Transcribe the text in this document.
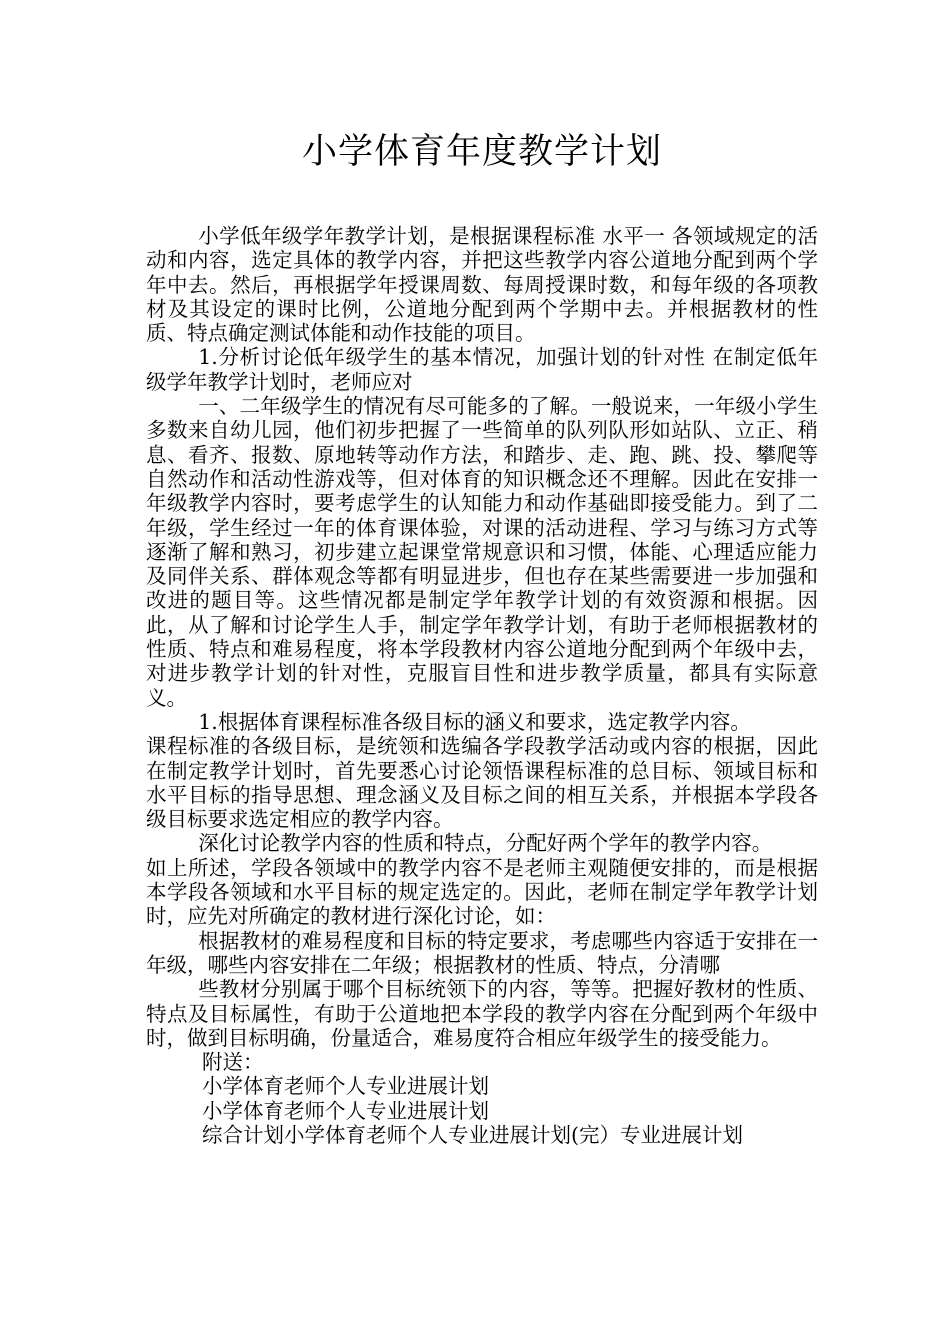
小学体育年度教学计划

小学低年级学年教学计划，是根据课程标准 水平一 各领域规定的活动和内容，选定具体的教学内容，并把这些教学内容公道地分配到两个学年中去。然后，再根据学年授课周数、每周授课时数，和每年级的各项教材及其设定的课时比例，公道地分配到两个学期中去。并根据教材的性质、特点确定测试体能和动作技能的项目。

1.分析讨论低年级学生的基本情况，加强计划的针对性 在制定低年级学年教学计划时，老师应对

一、二年级学生的情况有尽可能多的了解。一般说来，一年级小学生多数来自幼儿园，他们初步把握了一些简单的队列队形如站队、立正、稍息、看齐、报数、原地转等动作方法，和踏步、走、跑、跳、投、攀爬等自然动作和活动性游戏等，但对体育的知识概念还不理解。因此在安排一年级教学内容时，要考虑学生的认知能力和动作基础即接受能力。到了二年级，学生经过一年的体育课体验，对课的活动进程、学习与练习方式等逐渐了解和熟习，初步建立起课堂常规意识和习惯，体能、心理适应能力及同伴关系、群体观念等都有明显进步，但也存在某些需要进一步加强和改进的题目等。这些情况都是制定学年教学计划的有效资源和根据。因此，从了解和讨论学生人手，制定学年教学计划，有助于老师根据教材的性质、特点和难易程度，将本学段教材内容公道地分配到两个年级中去，对进步教学计划的针对性，克服盲目性和进步教学质量，都具有实际意义。

1.根据体育课程标准各级目标的涵义和要求，选定教学内容。

课程标准的各级目标，是统领和选编各学段教学活动或内容的根据，因此在制定教学计划时，首先要悉心讨论领悟课程标准的总目标、领域目标和水平目标的指导思想、理念涵义及目标之间的相互关系，并根据本学段各级目标要求选定相应的教学内容。

深化讨论教学内容的性质和特点，分配好两个学年的教学内容。

如上所述，学段各领域中的教学内容不是老师主观随便安排的，而是根据本学段各领域和水平目标的规定选定的。因此，老师在制定学年教学计划时，应先对所确定的教材进行深化讨论，如：

根据教材的难易程度和目标的特定要求，考虑哪些内容适于安排在一年级，哪些内容安排在二年级；根据教材的性质、特点，分清哪

些教材分别属于哪个目标统领下的内容，等等。把握好教材的性质、特点及目标属性，有助于公道地把本学段的教学内容在分配到两个年级中时，做到目标明确，份量适合，难易度符合相应年级学生的接受能力。

附送：
小学体育老师个人专业进展计划
小学体育老师个人专业进展计划
综合计划小学体育老师个人专业进展计划(完）专业进展计划
